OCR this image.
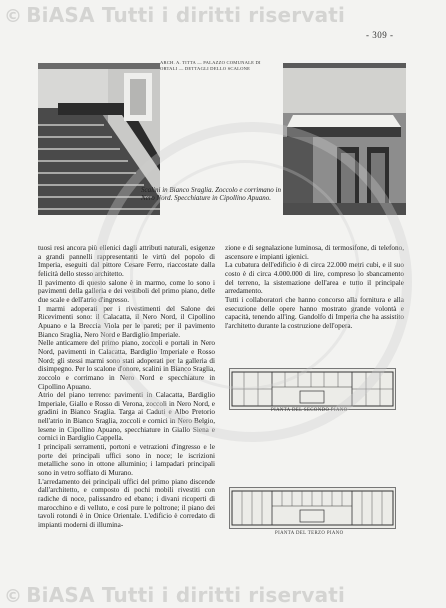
© BiASA Tutti i diritti riservati
- 309 -
ARCH. A. TITTA — PALAZZO COMUNALE DI ORTALI — DETTAGLI DELLO SCALONE
Scalini in Bianco Sraglia. Zoccolo e corrimano in Nero Nord. Specchiature in Cipollino Apuano.

tuosi resi ancora più ellenici dagli attributi naturali, esigenze a grandi pannelli rappresentanti le virtù del popolo di Imperia, eseguiti dal pittore Cesare Ferro, riaccostate dalla felicità dello stesso architetto.

Il pavimento di questo salone è in marmo, come lo sono i pavimenti della galleria e dei vestiboli del primo piano, delle due scale e dell'atrio d'ingresso.

I marmi adoperati per i rivestimenti del Salone dei Ricevimenti sono: il Calacatta, il Nero Nord, il Cipollino Apuano e la Breccia Viola per le pareti; per il pavimento Bianco Sraglia, Nero Nord e Bardiglio Imperiale.

Nelle anticamere del primo piano, zoccoli e portali in Nero Nord, pavimenti in Calacatta, Bardiglio Imperiale e Rosso Nord; gli stessi marmi sono stati adoperati per la galleria di disimpegno. Per lo scalone d'onore, scalini in Bianco Sraglia, zoccolo e corrimano in Nero Nord e specchiature in Cipollino Apuano.

Atrio del piano terreno: pavimenti in Calacatta, Bardiglio Imperiale, Giallo e Rosso di Verona, zoccoli in Nero Nord, e gradini in Bianco Sraglia. Targa ai Caduti e Albo Pretorio nell'atrio in Bianco Sraglia, zoccoli e cornici in Nero Belgio, lesene in Cipollino Apuano, specchiature in Giallo Siena e cornici in Bardiglio Cappella.

I principali serramenti, portoni e vetrazioni d'ingresso e le porte dei principali uffici sono in noce; le iscrizioni metalliche sono in ottone alluminio; i lampadari principali sono in vetro soffiato di Murano.

L'arredamento dei principali uffici del primo piano discende dall'architetto, e composto di pochi mobili rivestiti con radiche di noce, palissandro ed ebano; i divani ricoperti di marocchino e di velluto, e così pure le poltrone; il piano dei tavoli rotondi è in Onice Orientale. L'edificio è corredato di impianti moderni di illumina-

zione e di segnalazione luminosa, di termosifone, di telefono, ascensore e impianti igienici.

La cubatura dell'edificio è di circa 22.000 metri cubi, e il suo costo è di circa 4.000.000 di lire, compreso lo sbancamento del terreno, la sistemazione dell'area e tutto il principale arredamento.

Tutti i collaboratori che hanno concorso alla fornitura e alla esecuzione delle opere hanno mostrato grande volontà e capacità, tenendo all'ing. Gandolfo di Imperia che ha assistito l'architetto durante la costruzione dell'opera.

PIANTA DEL SECONDO PIANO
PIANTA DEL TERZO PIANO
© BiASA Tutti i diritti riservati
